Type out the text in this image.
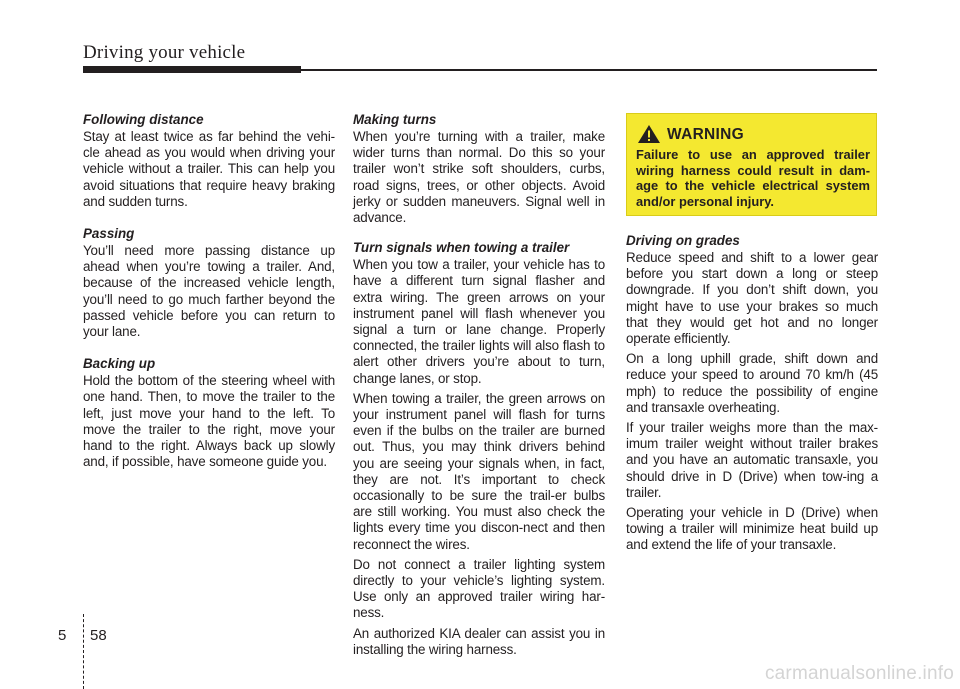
Driving your vehicle
Following distance

Stay at least twice as far behind the vehi-cle ahead as you would when driving your vehicle without a trailer. This can help you avoid situations that require heavy braking and sudden turns.

Passing

You’ll need more passing distance up ahead when you’re towing a trailer. And, because of the increased vehicle length, you’ll need to go much farther beyond the passed vehicle before you can return to your lane.

Backing up

Hold the bottom of the steering wheel with one hand. Then, to move the trailer to the left, just move your hand to the left. To move the trailer to the right, move your hand to the right. Always back up slowly and, if possible, have someone guide you.

Making turns

When you’re turning with a trailer, make wider turns than normal. Do this so your trailer won’t strike soft shoulders, curbs, road signs, trees, or other objects. Avoid jerky or sudden maneuvers. Signal well in advance.

Turn signals when towing a trailer

When you tow a trailer, your vehicle has to have a different turn signal flasher and extra wiring. The green arrows on your instrument panel will flash whenever you signal a turn or lane change. Properly connected, the trailer lights will also flash to alert other drivers you’re about to turn, change lanes, or stop.

When towing a trailer, the green arrows on your instrument panel will flash for turns even if the bulbs on the trailer are burned out. Thus, you may think drivers behind you are seeing your signals when, in fact, they are not. It’s important to check occasionally to be sure the trail-er bulbs are still working. You must also check the lights every time you discon-nect and then reconnect the wires.

Do not connect a trailer lighting system directly to your vehicle’s lighting system. Use only an approved trailer wiring har-ness.

An authorized KIA dealer can assist you in installing the wiring harness.

WARNING
Failure to use an approved trailer wiring harness could result in dam-age to the vehicle electrical system and/or personal injury.
Driving on grades

Reduce speed and shift to a lower gear before you start down a long or steep downgrade. If you don’t shift down, you might have to use your brakes so much that they would get hot and no longer operate efficiently.

On a long uphill grade, shift down and reduce your speed to around 70 km/h (45 mph) to reduce the possibility of engine and transaxle overheating.

If your trailer weighs more than the max-imum trailer weight without trailer brakes and you have an automatic transaxle, you should drive in D (Drive) when tow-ing a trailer.

Operating your vehicle in D (Drive) when towing a trailer will minimize heat build up and extend the life of your transaxle.

5 58
carmanualsonline.info
